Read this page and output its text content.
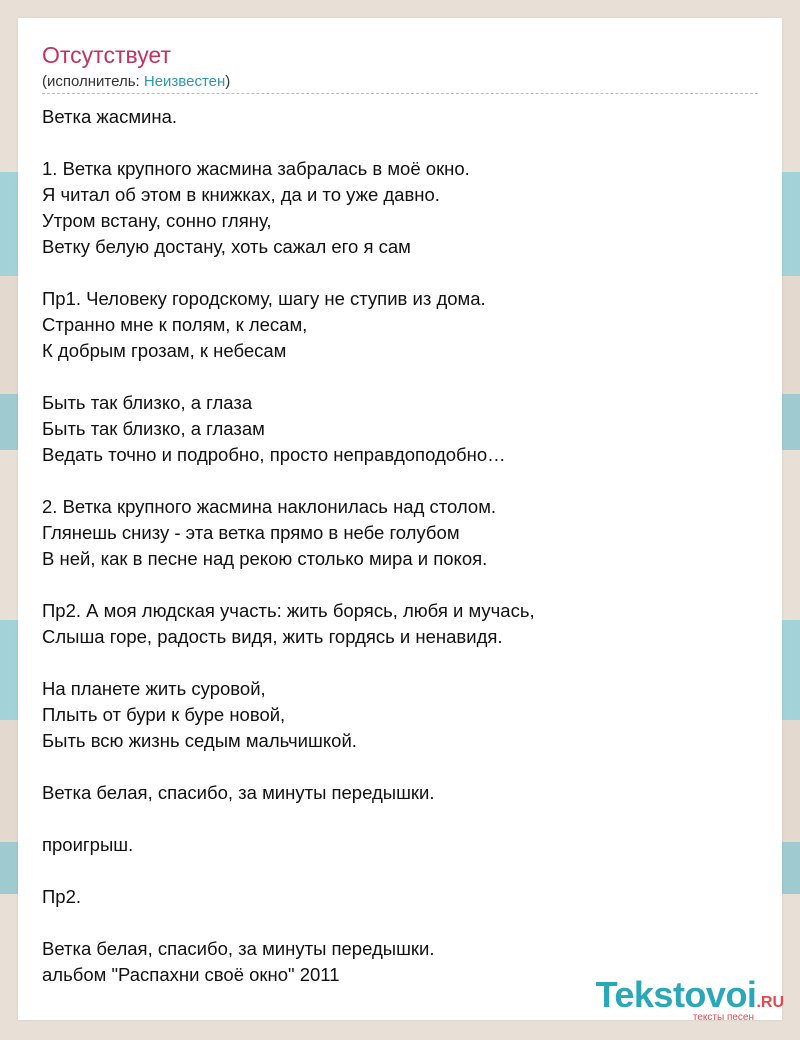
Отсутствует
(исполнитель: Неизвестен)
Ветка жасмина.
1. Ветка крупного жасмина забралась в моё окно.
Я читал об этом в книжках, да и то уже давно.
Утром встану, сонно гляну,
Ветку белую достану, хоть сажал его я сам
Пр1. Человеку городскому, шагу не ступив из дома.
Странно мне к полям, к лесам,
К добрым грозам, к небесам
Быть так близко, а глаза
Быть так близко, а глазам
Ведать точно и подробно, просто неправдоподобно…
2. Ветка крупного жасмина наклонилась над столом.
Глянешь снизу - эта ветка прямо в небе голубом
В ней, как в песне над рекою столько мира и покоя.
Пр2. А моя людская участь: жить борясь, любя и мучась,
Слыша горе, радость видя, жить гордясь и ненавидя.
На планете жить суровой,
Плыть от бури к буре новой,
Быть всю жизнь седым мальчишкой.
Ветка белая, спасибо, за минуты передышки.
проигрыш.
Пр2.
Ветка белая, спасибо, за минуты передышки.
альбом "Распахни своё окно" 2011	Tekstovoi.RU
тексты песен
